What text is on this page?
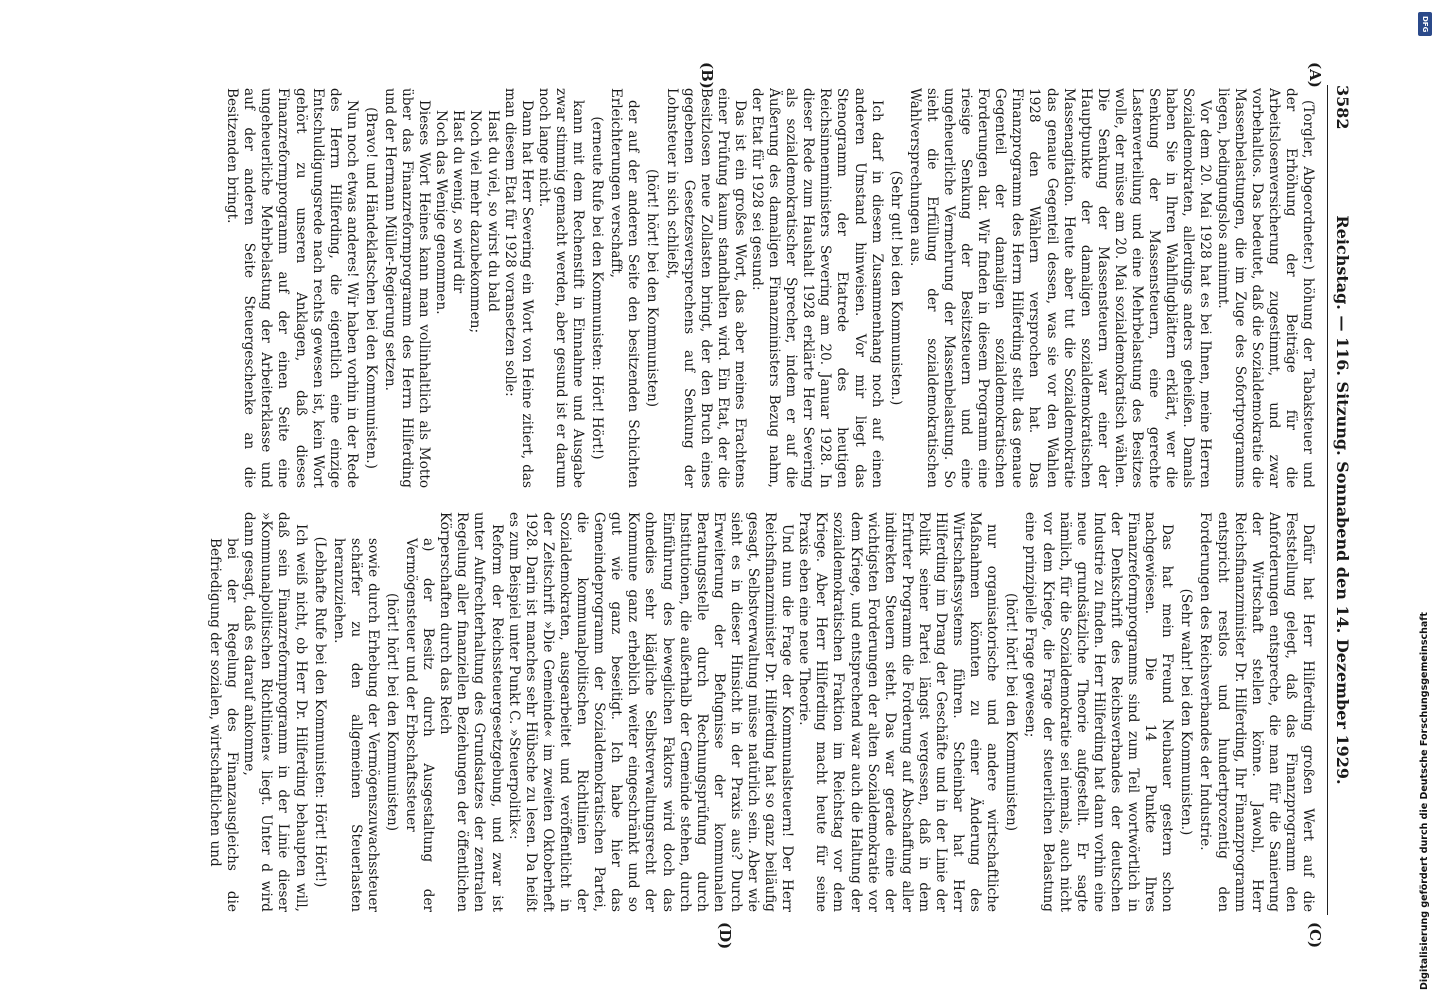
3582
Reichstag. — 116. Sitzung. Sonnabend den 14. Dezember 1929.
(A)
(B)
(C)
(D)

(Torgler, Abgeordneter.) höhung der Tabaksteuer und der Erhöhung der Beiträge für die Arbeitslosenversicherung zugestimmt, und zwar vorbehaltlos. Das bedeutet, daß die Sozialdemokratie die Massenbelastungen, die im Zuge des Sofortprogramms liegen, bedingungslos annimmt.

Vor dem 20. Mai 1928 hat es bei Ihnen, meine Herren Sozialdemokraten, allerdings anders geheißen. Damals haben Sie in Ihren Wahlflugblättern erklärt, wer die Senkung der Massensteuern, eine gerechte Lastenverteilung und eine Mehrbelastung des Besitzes wolle, der müsse am 20. Mai sozialdemokratisch wählen. Die Senkung der Massensteuern war einer der Hauptpunkte der damaligen sozialdemokratischen Massenagitation. Heute aber tut die Sozialdemokratie das genaue Gegenteil dessen, was sie vor den Wahlen 1928 den Wählern versprochen hat. Das Finanzprogramm des Herrn Hilferding stellt das genaue Gegenteil der damaligen sozialdemokratischen Forderungen dar. Wir finden in diesem Programm eine riesige Senkung der Besitzsteuern und eine ungeheuerliche Vermehrung der Massenbelastung. So sieht die Erfüllung der sozialdemokratischen Wahlversprechungen aus.

(Sehr gut! bei den Kommunisten.)

Ich darf in diesem Zusammenhang noch auf einen anderen Umstand hinweisen. Vor mir liegt das Stenogramm der Etatrede des heutigen Reichsinnenministers Severing am 20. Januar 1928. In dieser Rede zum Haushalt 1928 erklärte Herr Severing als sozialdemokratischer Sprecher, indem er auf die Äußerung des damaligen Finanzministers Bezug nahm, der Etat für 1928 sei gesund:

Das ist ein großes Wort, das aber meines Erachtens einer Prüfung kaum standhalten wird. Ein Etat, der die Besitzlosen neue Zollasten bringt, der den Bruch eines gegebenen Gesetzesversprechens auf Senkung der Lohnsteuer in sich schließt,

(hört! hört! bei den Kommunisten)

der auf der anderen Seite den besitzenden Schichten Erleichterungen verschafft,

(erneute Rufe bei den Kommunisten: Hört! Hört!)

kann mit dem Rechenstift in Einnahme und Ausgabe zwar stimmig gemacht werden, aber gesund ist er darum noch lange nicht.

Dann hat Herr Severing ein Wort von Heine zitiert, das man diesem Etat für 1928 voransetzen solle:

Hast du viel, so wirst du bald

Noch viel mehr dazubekommen;

Hast du wenig, so wird dir

Noch das Wenige genommen.

Dieses Wort Heines kann man vollinhaltlich als Motto über das Finanzreformprogramm des Herrn Hilferding und der Hermann Müller-Regierung setzen.

(Bravo! und Händeklatschen bei den Kommunisten.)

Nun noch etwas anderes! Wir haben vorhin in der Rede des Herrn Hilferding, die eigentlich eine einzige Entschuldigungsrede nach rechts gewesen ist, kein Wort gehört zu unseren Anklagen, daß dieses Finanzreformprogramm auf der einen Seite eine ungeheuerliche Mehrbelastung der Arbeiterklasse und auf der anderen Seite Steuergeschenke an die Besitzenden bringt.

Dafür hat Herr Hilferding großen Wert auf die Feststellung gelegt, daß das Finanzprogramm den Anforderungen entspreche, die man für die Sanierung der Wirtschaft stellen könne. Jawohl, Herr Reichsfinanzminister Dr. Hilferding, Ihr Finanzprogramm entspricht restlos und hundertprozentig den Forderungen des Reichsverbandes der Industrie.

(Sehr wahr! bei den Kommunisten.)

Das hat mein Freund Neubauer gestern schon nachgewiesen. Die 14 Punkte Ihres Finanzreformprogramms sind zum Teil wortwörtlich in der Denkschrift des Reichsverbandes der deutschen Industrie zu finden. Herr Hilferding hat dann vorhin eine neue grundsätzliche Theorie aufgestellt. Er sagte nämlich, für die Sozialdemokratie sei niemals, auch nicht vor dem Kriege, die Frage der steuerlichen Belastung eine prinzipielle Frage gewesen;

(hört! hört! bei den Kommunisten)

nur organisatorische und andere wirtschaftliche Maßnahmen könnten zu einer Änderung des Wirtschaftssystems führen. Scheinbar hat Herr Hilferding im Drang der Geschäfte und in der Linie der Politik seiner Partei längst vergessen, daß in dem Erfurter Programm die Forderung auf Abschaffung aller indirekten Steuern steht. Das war gerade eine der wichtigsten Forderungen der alten Sozialdemokratie vor dem Kriege, und entsprechend war auch die Haltung der sozialdemokratischen Fraktion im Reichstag vor dem Kriege. Aber Herr Hilferding macht heute für seine Praxis eben eine neue Theorie.

Und nun die Frage der Kommunalsteuern! Der Herr Reichsfinanzminister Dr. Hilferding hat so ganz beiläufig gesagt, Selbstverwaltung müsse natürlich sein. Aber wie sieht es in dieser Hinsicht in der Praxis aus? Durch Erweiterung der Befugnisse der kommunalen Beratungsstelle durch Rechnungsprüfung durch Institutionen, die außerhalb der Gemeinde stehen, durch Einführung des beweglichen Faktors wird doch das ohnedies sehr klägliche Selbstverwaltungsrecht der Kommune ganz erheblich weiter eingeschränkt und so gut wie ganz beseitigt. Ich habe hier das Gemeindeprogramm der Sozialdemokratischen Partei, die kommunalpolitischen Richtlinien der Sozialdemokraten, ausgearbeitet und veröffentlicht in der Zeitschrift »Die Gemeinde« im zweiten Oktoberheft 1928. Darin ist manches sehr Hübsche zu lesen. Da heißt es zum Beispiel unter Punkt C. »Steuerpolitik«:

Reform der Reichssteuergesetzgebung, und zwar ist unter Aufrechterhaltung des Grundsatzes der zentralen Regelung aller finanziellen Beziehungen der öffentlichen Körperschaften durch das Reich

a) der Besitz durch Ausgestaltung der Vermögensteuer und der Erbschaftssteuer

(hört! hört! bei den Kommunisten)

sowie durch Erhebung der Vermögenszuwachssteuer schärfer zu den allgemeinen Steuerlasten heranzuziehen.

(Lebhafte Rufe bei den Kommunisten: Hört! Hört!)

Ich weiß nicht, ob Herr Dr. Hilferding behaupten will, daß sein Finanzreformprogramm in der Linie dieser »Kommunalpolitischen Richtlinien« liegt. Unter d wird dann gesagt, daß es darauf ankomme,

bei der Regelung des Finanzausgleichs die Befriedigung der sozialen, wirtschaftlichen und	Digitalisierung gefördert durch die Deutsche Forschungsgemeinschaft
DFG
